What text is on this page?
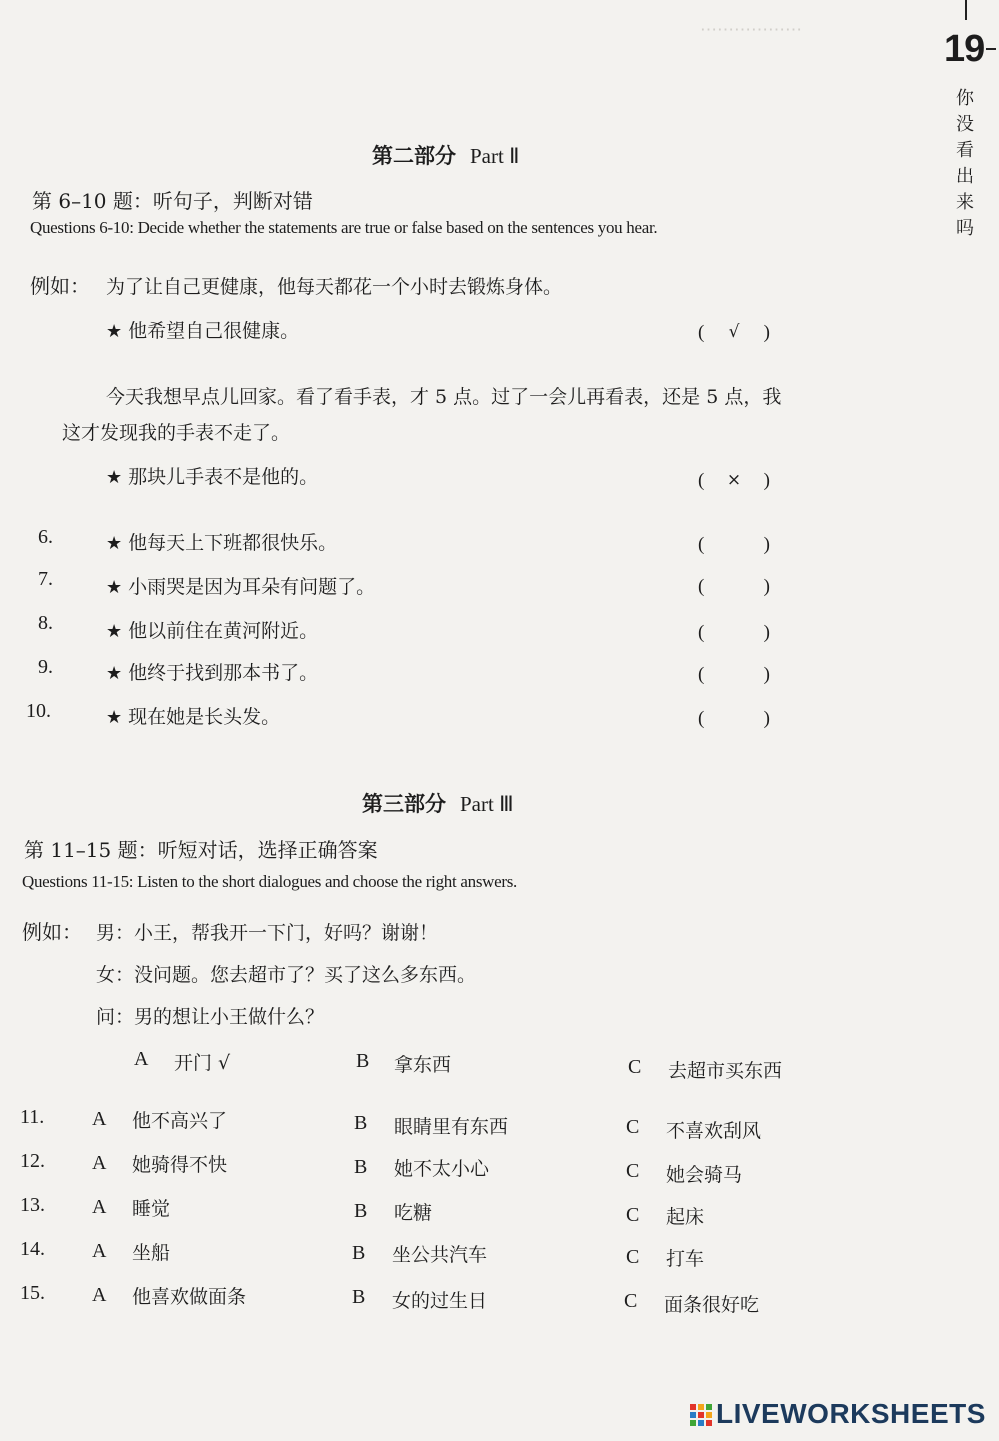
⋯⋯⋯⋯⋯⋯	19
你没看出来吗
第二部分 Part Ⅱ
第 6–10 题：听句子，判断对错
Questions 6-10: Decide whether the statements are true or false based on the sentences you hear.
例如： 为了让自己更健康，他每天都花一个小时去锻炼身体。
★ 他希望自己很健康。	( √ )
今天我想早点儿回家。看了看手表，才 5 点。过了一会儿再看表，还是 5 点，我
这才发现我的手表不走了。
★ 那块儿手表不是他的。	( × )
6.	★ 他每天上下班都很快乐。	(	)
7.	★ 小雨哭是因为耳朵有问题了。	(	)
8.	★ 他以前住在黄河附近。	(	)
9.	★ 他终于找到那本书了。	(	)
10.	★ 现在她是长头发。	(	)
第三部分 Part Ⅲ
第 11–15 题：听短对话，选择正确答案
Questions 11-15: Listen to the short dialogues and choose the right answers.
例如： 男：小王，帮我开一下门，好吗？谢谢！
女：没问题。您去超市了？买了这么多东西。
问：男的想让小王做什么？
A 开门 √	B 拿东西	C 去超市买东西
11. A 他不高兴了	B 眼睛里有东西	C 不喜欢刮风
12. A 她骑得不快	B 她不太小心	C 她会骑马
13. A 睡觉	B 吃糖	C 起床
14. A 坐船	B 坐公共汽车	C 打车
15. A 他喜欢做面条	B 女的过生日	C 面条很好吃
LIVEWORKSHEETS
